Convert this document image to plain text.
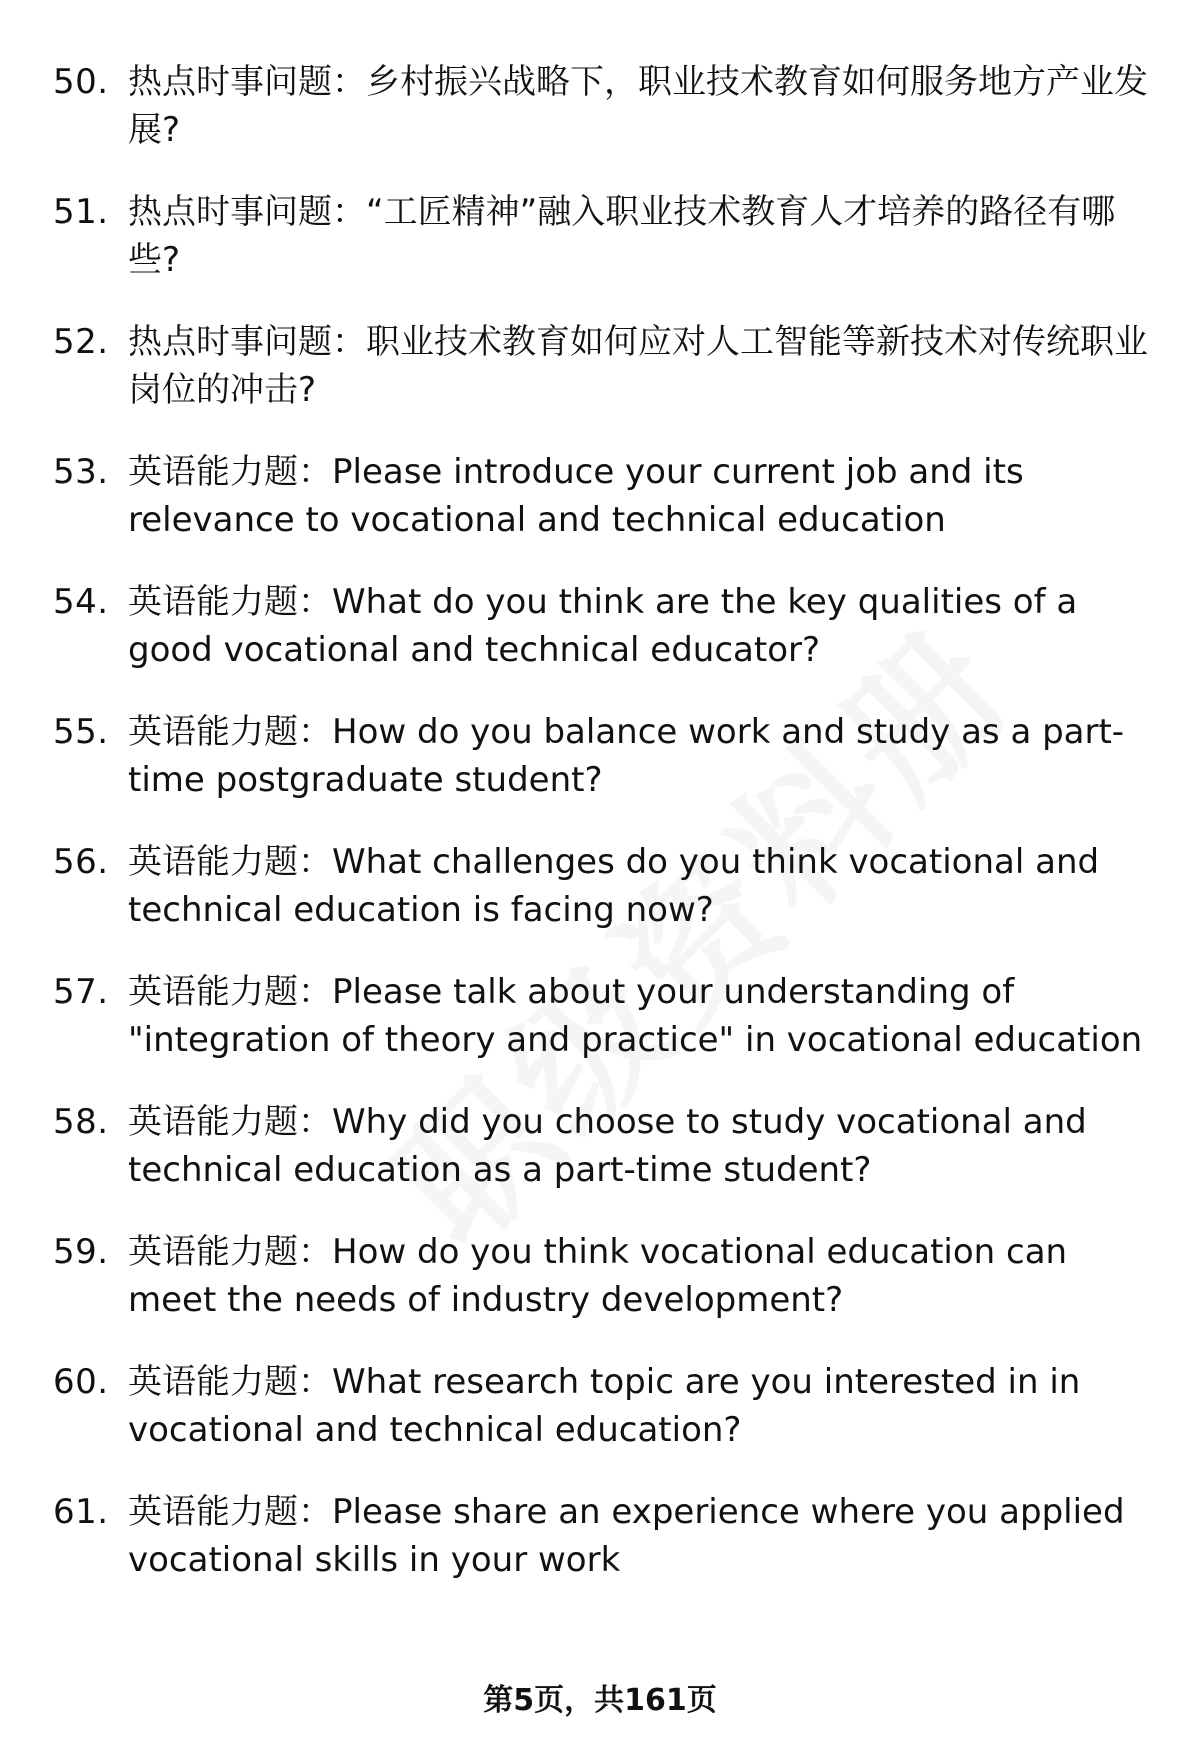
50. 热点时事问题：乡村振兴战略下，职业技术教育如何服务地方产业发展?
51. 热点时事问题：“工匠精神”融入职业技术教育人才培养的路径有哪些?
52. 热点时事问题：职业技术教育如何应对人工智能等新技术对传统职业岗位的冲击?
53. 英语能力题：Please introduce your current job and its relevance to vocational and technical education
54. 英语能力题：What do you think are the key qualities of a good vocational and technical educator?
55. 英语能力题：How do you balance work and study as a part-time postgraduate student?
56. 英语能力题：What challenges do you think vocational and technical education is facing now?
57. 英语能力题：Please talk about your understanding of "integration of theory and practice" in vocational education
58. 英语能力题：Why did you choose to study vocational and technical education as a part-time student?
59. 英语能力题：How do you think vocational education can meet the needs of industry development?
60. 英语能力题：What research topic are you interested in in vocational and technical education?
61. 英语能力题：Please share an experience where you applied vocational skills in your work
第5页，共161页
